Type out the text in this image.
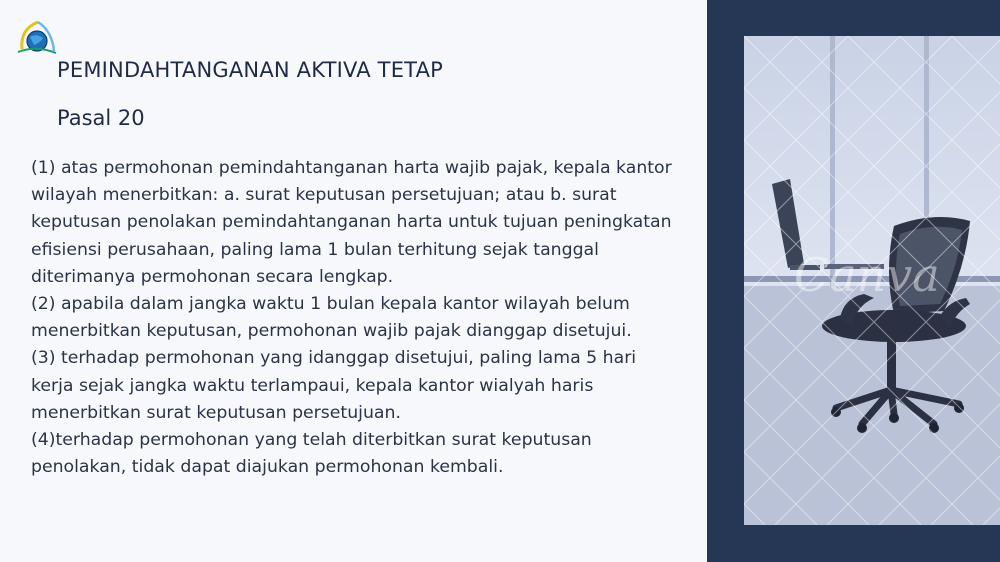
PEMINDAHTANGANAN AKTIVA TETAP
Pasal 20

(1) atas permohonan pemindahtanganan harta wajib pajak, kepala kantor wilayah menerbitkan: a. surat keputusan persetujuan; atau b. surat keputusan penolakan pemindahtanganan harta untuk tujuan peningkatan efisiensi perusahaan, paling lama 1 bulan terhitung sejak tanggal diterimanya permohonan secara lengkap.

(2) apabila dalam jangka waktu 1 bulan kepala kantor wilayah belum menerbitkan keputusan, permohonan wajib pajak dianggap disetujui.

(3) terhadap permohonan yang idanggap disetujui, paling lama 5 hari kerja sejak jangka waktu terlampaui, kepala kantor wialyah haris menerbitkan surat keputusan persetujuan.

(4)terhadap permohonan yang telah diterbitkan surat keputusan penolakan, tidak dapat diajukan permohonan kembali.

Canva
